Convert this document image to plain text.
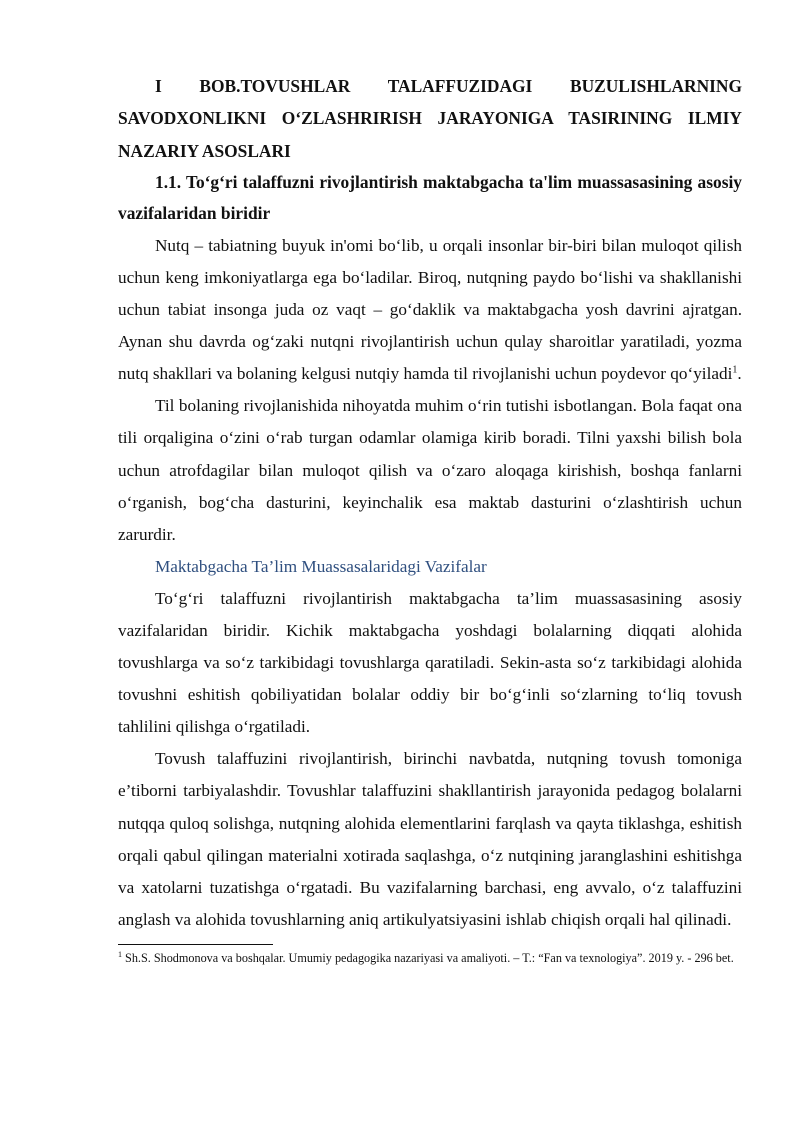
I BOB.TOVUSHLAR TALAFFUZIDAGI BUZULISHLARNING SAVODXONLIKNI O‘ZLASHRIRISH JARAYONIGA TASIRINING ILMIY NAZARIY ASOSLARI

1.1. To‘g‘ri talaffuzni rivojlantirish maktabgacha ta'lim muassasasining asosiy vazifalaridan biridir

Nutq – tabiatning buyuk in'omi bo‘lib, u orqali insonlar bir-biri bilan muloqot qilish uchun keng imkoniyatlarga ega bo‘ladilar. Biroq, nutqning paydo bo‘lishi va shakllanishi uchun tabiat insonga juda oz vaqt – go‘daklik va maktabgacha yosh davrini ajratgan. Aynan shu davrda og‘zaki nutqni rivojlantirish uchun qulay sharoitlar yaratiladi, yozma nutq shakllari va bolaning kelgusi nutqiy hamda til rivojlanishi uchun poydevor qo‘yiladi$^1$.

Til bolaning rivojlanishida nihoyatda muhim o‘rin tutishi isbotlangan. Bola faqat ona tili orqaligina o‘zini o‘rab turgan odamlar olamiga kirib boradi. Tilni yaxshi bilish bola uchun atrofdagilar bilan muloqot qilish va o‘zaro aloqaga kirishish, boshqa fanlarni o‘rganish, bog‘cha dasturini, keyinchalik esa maktab dasturini o‘zlashtirish uchun zarurdir.

Maktabgacha Ta’lim Muassasalaridagi Vazifalar

To‘g‘ri talaffuzni rivojlantirish maktabgacha ta’lim muassasasining asosiy vazifalaridan biridir. Kichik maktabgacha yoshdagi bolalarning diqqati alohida tovushlarga va so‘z tarkibidagi tovushlarga qaratiladi. Sekin-asta so‘z tarkibidagi alohida tovushni eshitish qobiliyatidan bolalar oddiy bir bo‘g‘inli so‘zlarning to‘liq tovush tahlilini qilishga o‘rgatiladi.

Tovush talaffuzini rivojlantirish, birinchi navbatda, nutqning tovush tomoniga e’tiborni tarbiyalashdir. Tovushlar talaffuzini shakllantirish jarayonida pedagog bolalarni nutqqa quloq solishga, nutqning alohida elementlarini farqlash va qayta tiklashga, eshitish orqali qabul qilingan materialni xotirada saqlashga, o‘z nutqining jaranglashini eshitishga va xatolarni tuzatishga o‘rgatadi. Bu vazifalarning barchasi, eng avvalo, o‘z talaffuzini anglash va alohida tovushlarning aniq artikulyatsiyasini ishlab chiqish orqali hal qilinadi.

$^1$ Sh.S. Shodmonova va boshqalar. Umumiy pedagogika nazariyasi va amaliyoti. – T.: “Fan va texnologiya”. 2019 y. - 296 bet.
